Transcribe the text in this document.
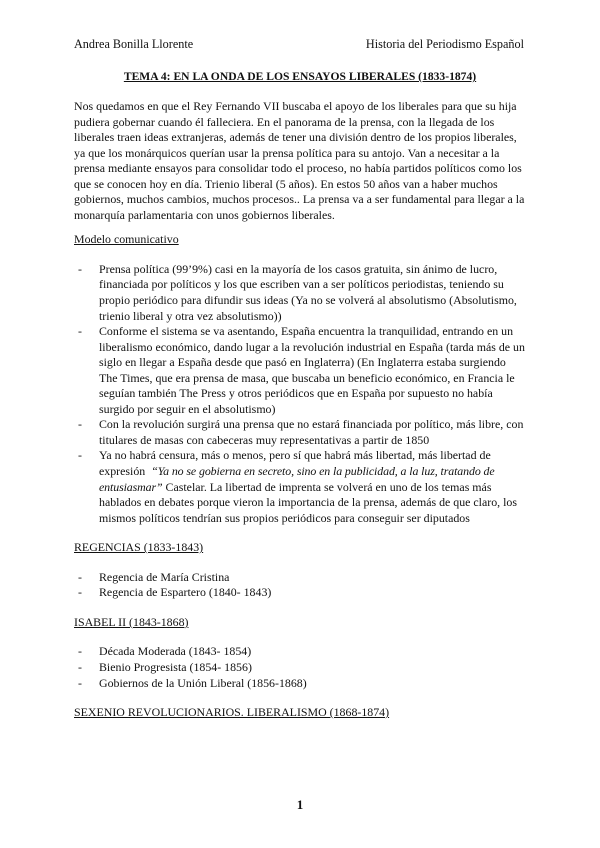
Andrea Bonilla Llorente	Historia del Periodismo Español
TEMA 4: EN LA ONDA DE LOS ENSAYOS LIBERALES (1833-1874)

Nos quedamos en que el Rey Fernando VII buscaba el apoyo de los liberales para que su hija pudiera gobernar cuando él falleciera. En el panorama de la prensa, con la llegada de los liberales traen ideas extranjeras, además de tener una división dentro de los propios liberales, ya que los monárquicos querían usar la prensa política para su antojo. Van a necesitar a la prensa mediante ensayos para consolidar todo el proceso, no había partidos políticos como los que se conocen hoy en día. Trienio liberal (5 años). En estos 50 años van a haber muchos gobiernos, muchos cambios, muchos procesos.. La prensa va a ser fundamental para llegar a la monarquía parlamentaria con unos gobiernos liberales.

Modelo comunicativo
- Prensa política (99’9%) casi en la mayoría de los casos gratuita, sin ánimo de lucro, financiada por políticos y los que escriben van a ser políticos periodistas, teniendo su propio periódico para difundir sus ideas (Ya no se volverá al absolutismo (Absolutismo, trienio liberal y otra vez absolutismo))
- Conforme el sistema se va asentando, España encuentra la tranquilidad, entrando en un liberalismo económico, dando lugar a la revolución industrial en España (tarda más de un siglo en llegar a España desde que pasó en Inglaterra) (En Inglaterra estaba surgiendo The Times, que era prensa de masa, que buscaba un beneficio económico, en Francia le seguían también The Press y otros periódicos que en España por supuesto no había surgido por seguir en el absolutismo)
- Con la revolución surgirá una prensa que no estará financiada por político, más libre, con titulares de masas con cabeceras muy representativas a partir de 1850
- Ya no habrá censura, más o menos, pero sí que habrá más libertad, más libertad de expresión “Ya no se gobierna en secreto, sino en la publicidad, a la luz, tratando de entusiasmar” Castelar. La libertad de imprenta se volverá en uno de los temas más hablados en debates porque vieron la importancia de la prensa, además de que claro, los mismos políticos tendrían sus propios periódicos para conseguir ser diputados
REGENCIAS (1833-1843)
- Regencia de María Cristina
- Regencia de Espartero (1840- 1843)
ISABEL II (1843-1868)
- Década Moderada (1843- 1854)
- Bienio Progresista (1854- 1856)
- Gobiernos de la Unión Liberal (1856-1868)
SEXENIO REVOLUCIONARIOS. LIBERALISMO (1868-1874)
1
